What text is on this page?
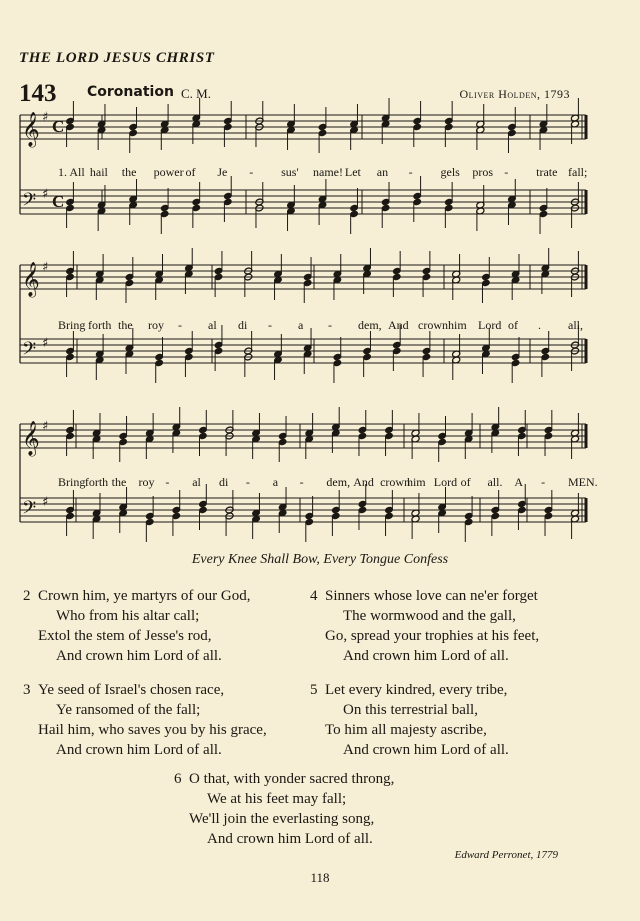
THE LORD JESUS CHRIST
143 Coronation C. M.	Oliver Holden, 1793
𝄞 ♯
𝄢 ♯
C
C
𝄞 ♯
𝄢 ♯
𝄞 ♯
𝄢 ♯
1. All hail the power of Je - sus' name! Let an - gels pros - trate fall;
Bring forth the roy - al di - a - dem, And crown him Lord of . all,
Bring forth the roy - al di - a - dem, And crown
him Lord of all. A - MEN.
Every Knee Shall Bow, Every Tongue Confess
2 Crown him, ye martyrs of our God,
Who from his altar call;
Extol the stem of Jesse's rod,
And crown him Lord of all.
3 Ye seed of Israel's chosen race,
Ye ransomed of the fall;
Hail him, who saves you by his grace,
And crown him Lord of all.
4 Sinners whose love can ne'er forget
The wormwood and the gall,
Go, spread your trophies at his feet,
And crown him Lord of all.
5 Let every kindred, every tribe,
On this terrestrial ball,
To him all majesty ascribe,
And crown him Lord of all.
6 O that, with yonder sacred throng,
We at his feet may fall;
We'll join the everlasting song,
And crown him Lord of all.
Edward Perronet, 1779
118
